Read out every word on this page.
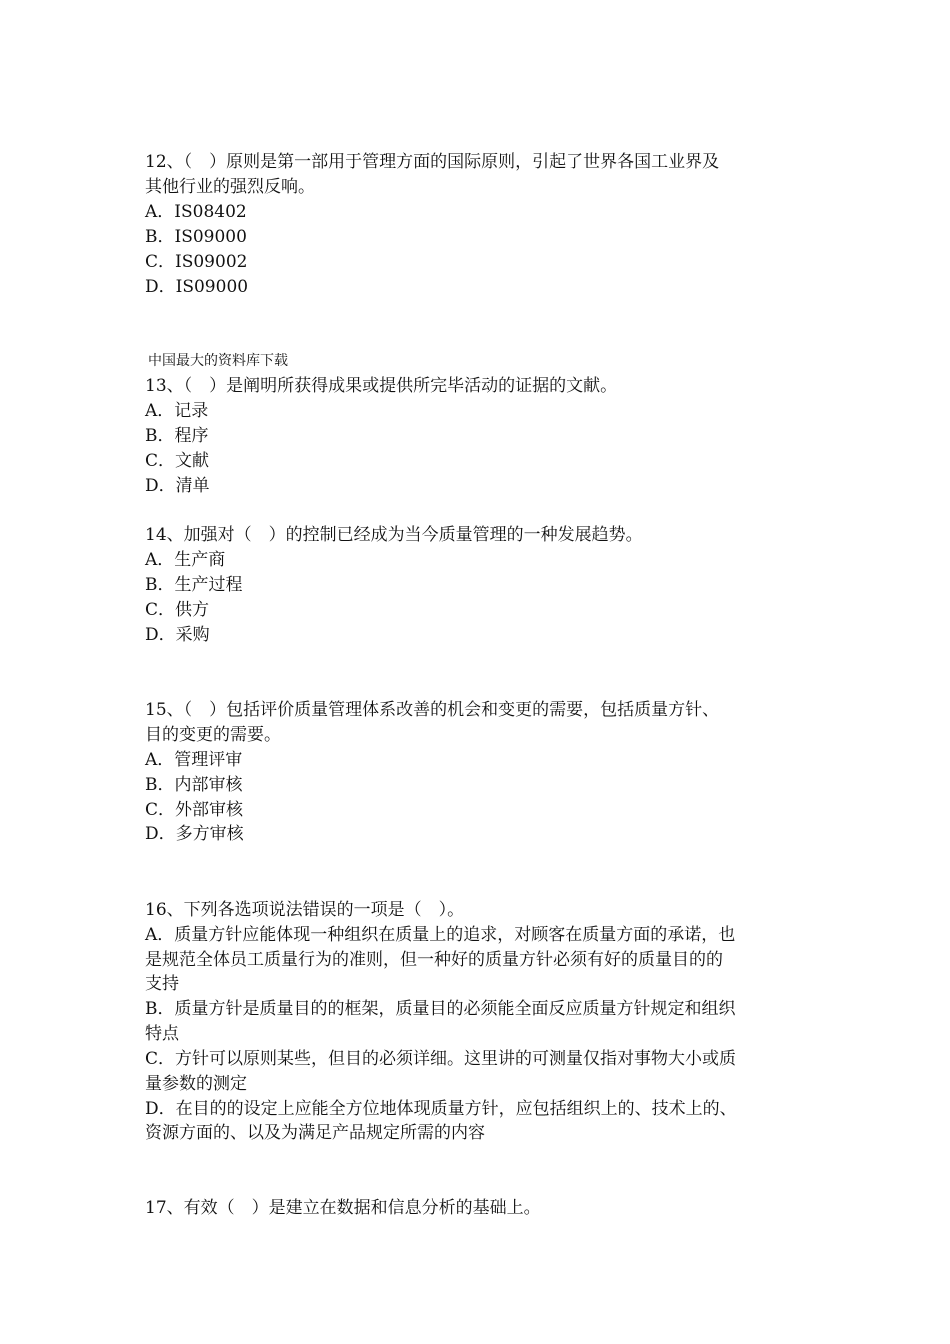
12、（　）原则是第一部用于管理方面的国际原则，引起了世界各国工业界及
其他行业的强烈反响。
A．IS08402
B．IS09000
C．IS09002
D．IS09000
中国最大的资料库下载
13、（　）是阐明所获得成果或提供所完毕活动的证据的文献。
A．记录
B．程序
C．文献
D．清单
14、加强对（　）的控制已经成为当今质量管理的一种发展趋势。
A．生产商
B．生产过程
C．供方
D．采购
15、（　）包括评价质量管理体系改善的机会和变更的需要，包括质量方针、
目的变更的需要。
A．管理评审
B．内部审核
C．外部审核
D．多方审核
16、下列各选项说法错误的一项是（　）。
A．质量方针应能体现一种组织在质量上的追求，对顾客在质量方面的承诺，也
是规范全体员工质量行为的准则，但一种好的质量方针必须有好的质量目的的
支持
B．质量方针是质量目的的框架，质量目的必须能全面反应质量方针规定和组织
特点
C．方针可以原则某些，但目的必须详细。这里讲的可测量仅指对事物大小或质
量参数的测定
D．在目的的设定上应能全方位地体现质量方针，应包括组织上的、技术上的、
资源方面的、以及为满足产品规定所需的内容
17、有效（　）是建立在数据和信息分析的基础上。
